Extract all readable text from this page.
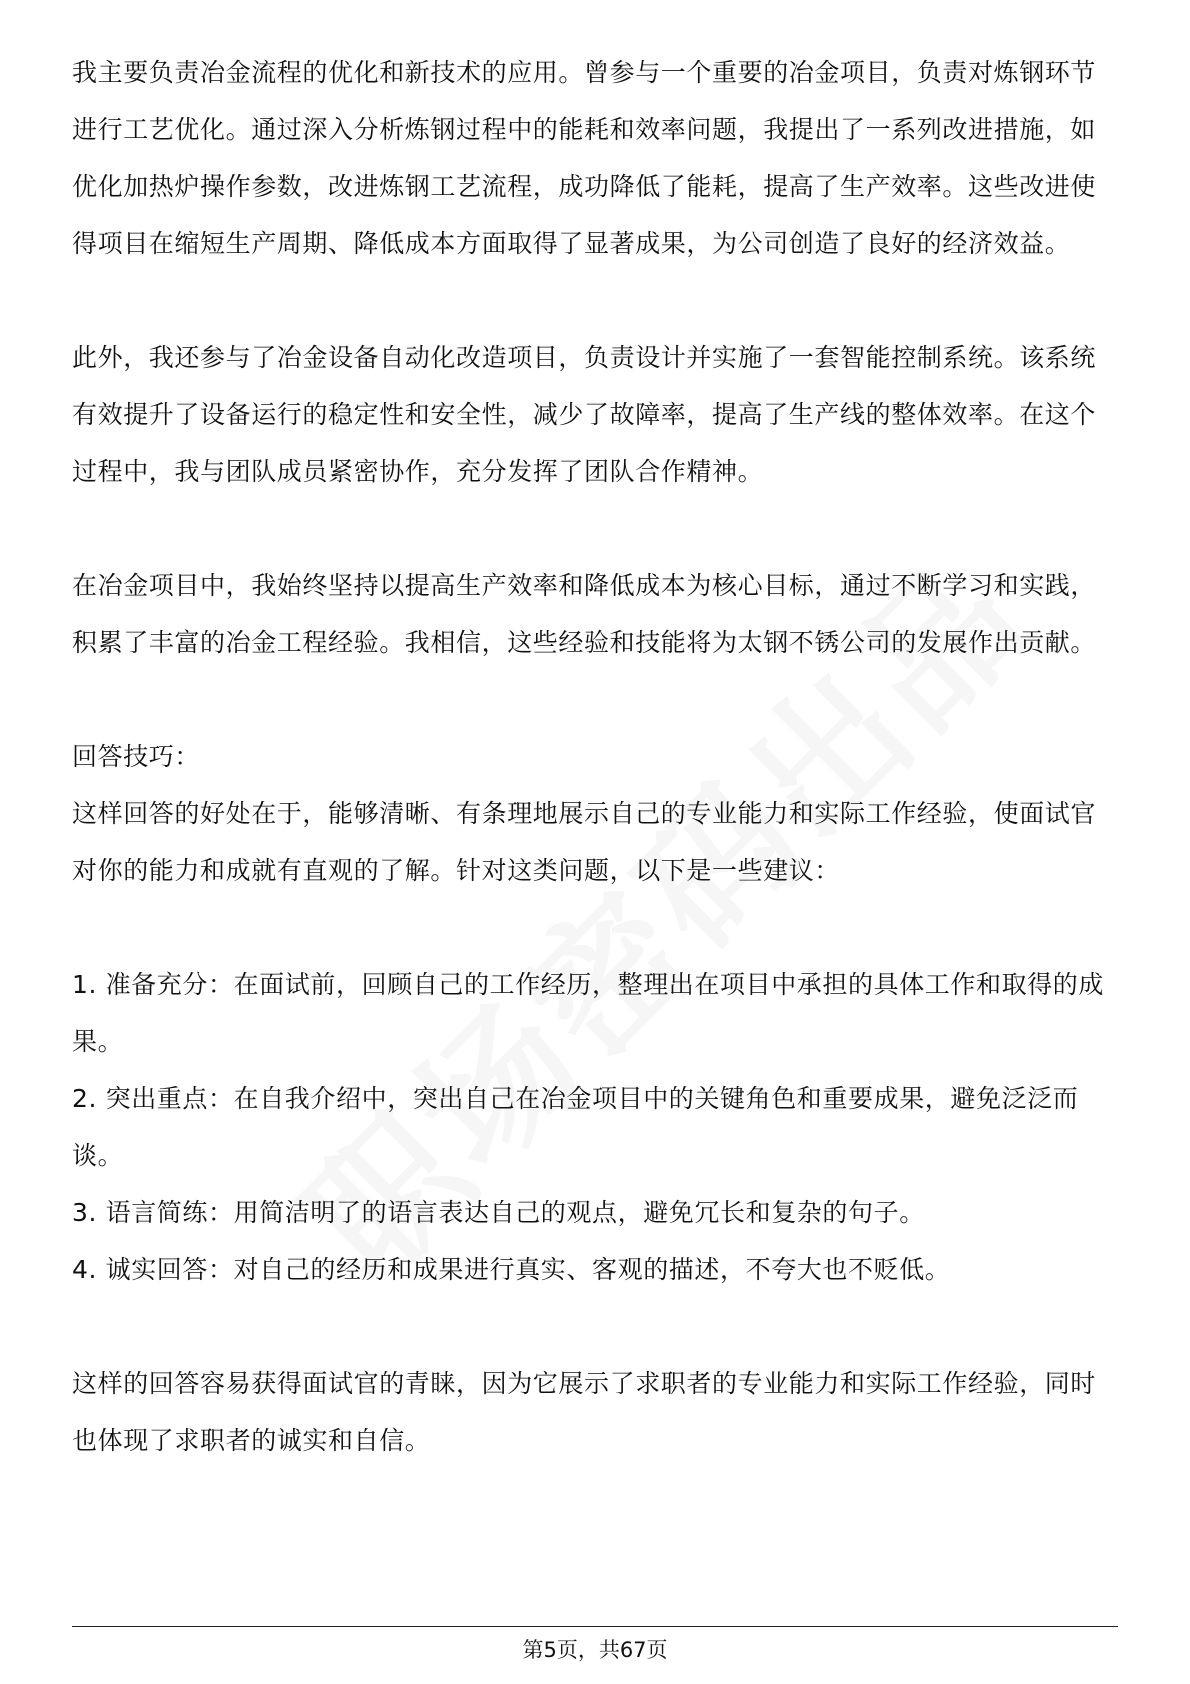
我主要负责冶金流程的优化和新技术的应用。曾参与一个重要的冶金项目，负责对炼钢环节进行工艺优化。通过深入分析炼钢过程中的能耗和效率问题，我提出了一系列改进措施，如优化加热炉操作参数，改进炼钢工艺流程，成功降低了能耗，提高了生产效率。这些改进使得项目在缩短生产周期、降低成本方面取得了显著成果，为公司创造了良好的经济效益。

此外，我还参与了冶金设备自动化改造项目，负责设计并实施了一套智能控制系统。该系统有效提升了设备运行的稳定性和安全性，减少了故障率，提高了生产线的整体效率。在这个过程中，我与团队成员紧密协作，充分发挥了团队合作精神。

在冶金项目中，我始终坚持以提高生产效率和降低成本为核心目标，通过不断学习和实践，积累了丰富的冶金工程经验。我相信，这些经验和技能将为太钢不锈公司的发展作出贡献。

回答技巧：

这样回答的好处在于，能够清晰、有条理地展示自己的专业能力和实际工作经验，使面试官对你的能力和成就有直观的了解。针对这类问题，以下是一些建议：

1. 准备充分：在面试前，回顾自己的工作经历，整理出在项目中承担的具体工作和取得的成果。

2. 突出重点：在自我介绍中，突出自己在冶金项目中的关键角色和重要成果，避免泛泛而谈。

3. 语言简练：用简洁明了的语言表达自己的观点，避免冗长和复杂的句子。

4. 诚实回答：对自己的经历和成果进行真实、客观的描述，不夸大也不贬低。

这样的回答容易获得面试官的青睐，因为它展示了求职者的专业能力和实际工作经验，同时也体现了求职者的诚实和自信。

第5页，共67页
